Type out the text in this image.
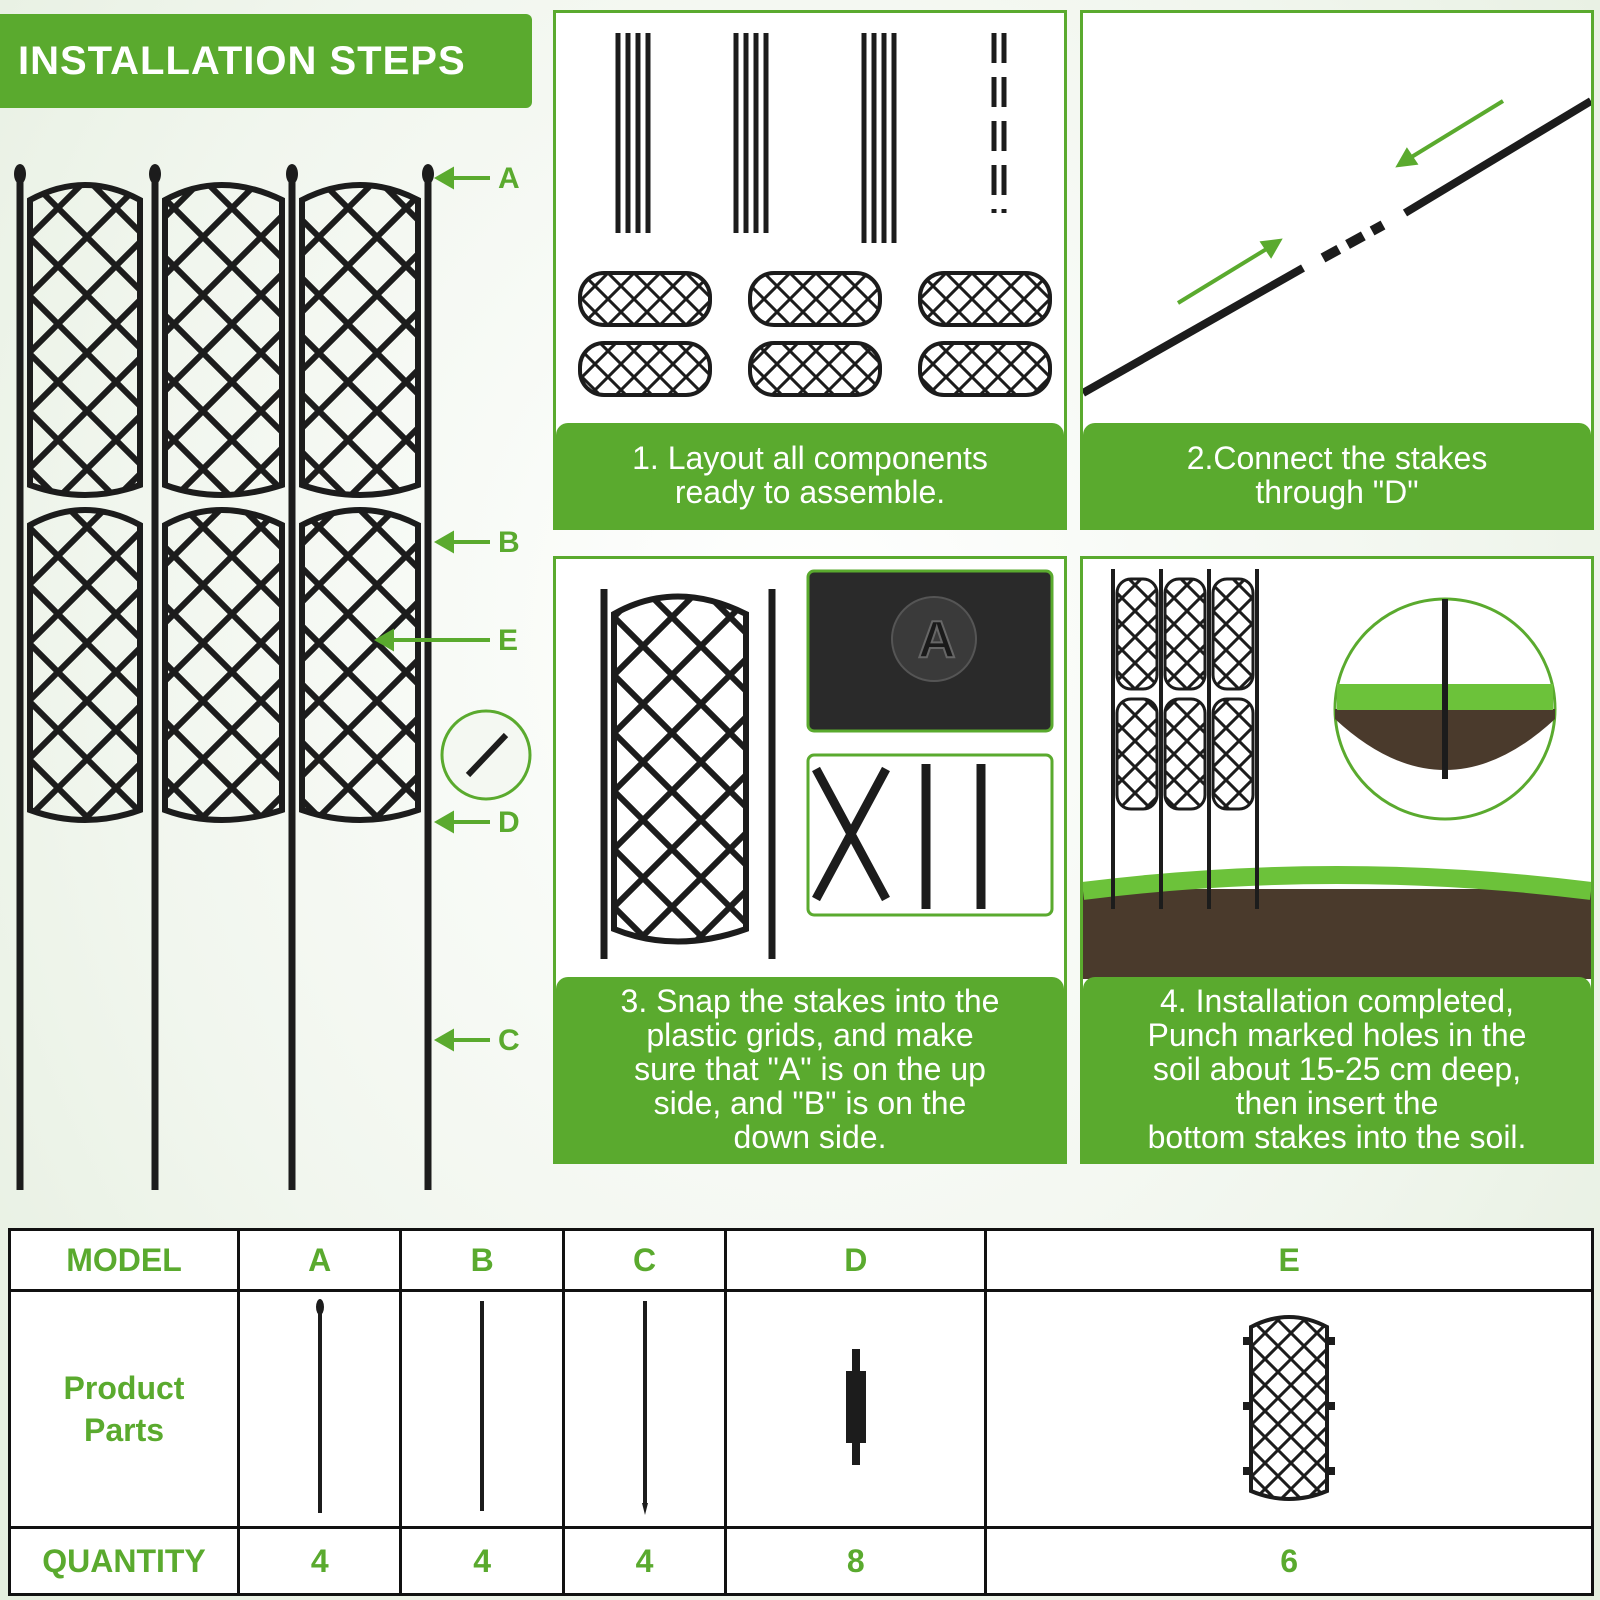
INSTALLATION STEPS
A
B
E
D
C
1. Layout all components
ready to assemble.
2.Connect the stakes
through "D"
A
3. Snap the stakes into the
plastic grids, and make
sure that "A" is on the up
side, and "B" is on the
down side.
4. Installation completed,
Punch marked holes in the
soil about 15-25 cm deep,
then insert the
bottom stakes into the soil.
MODEL	A	B	C	D	E

Product
Parts

QUANTITY	4	4	4	8	6
